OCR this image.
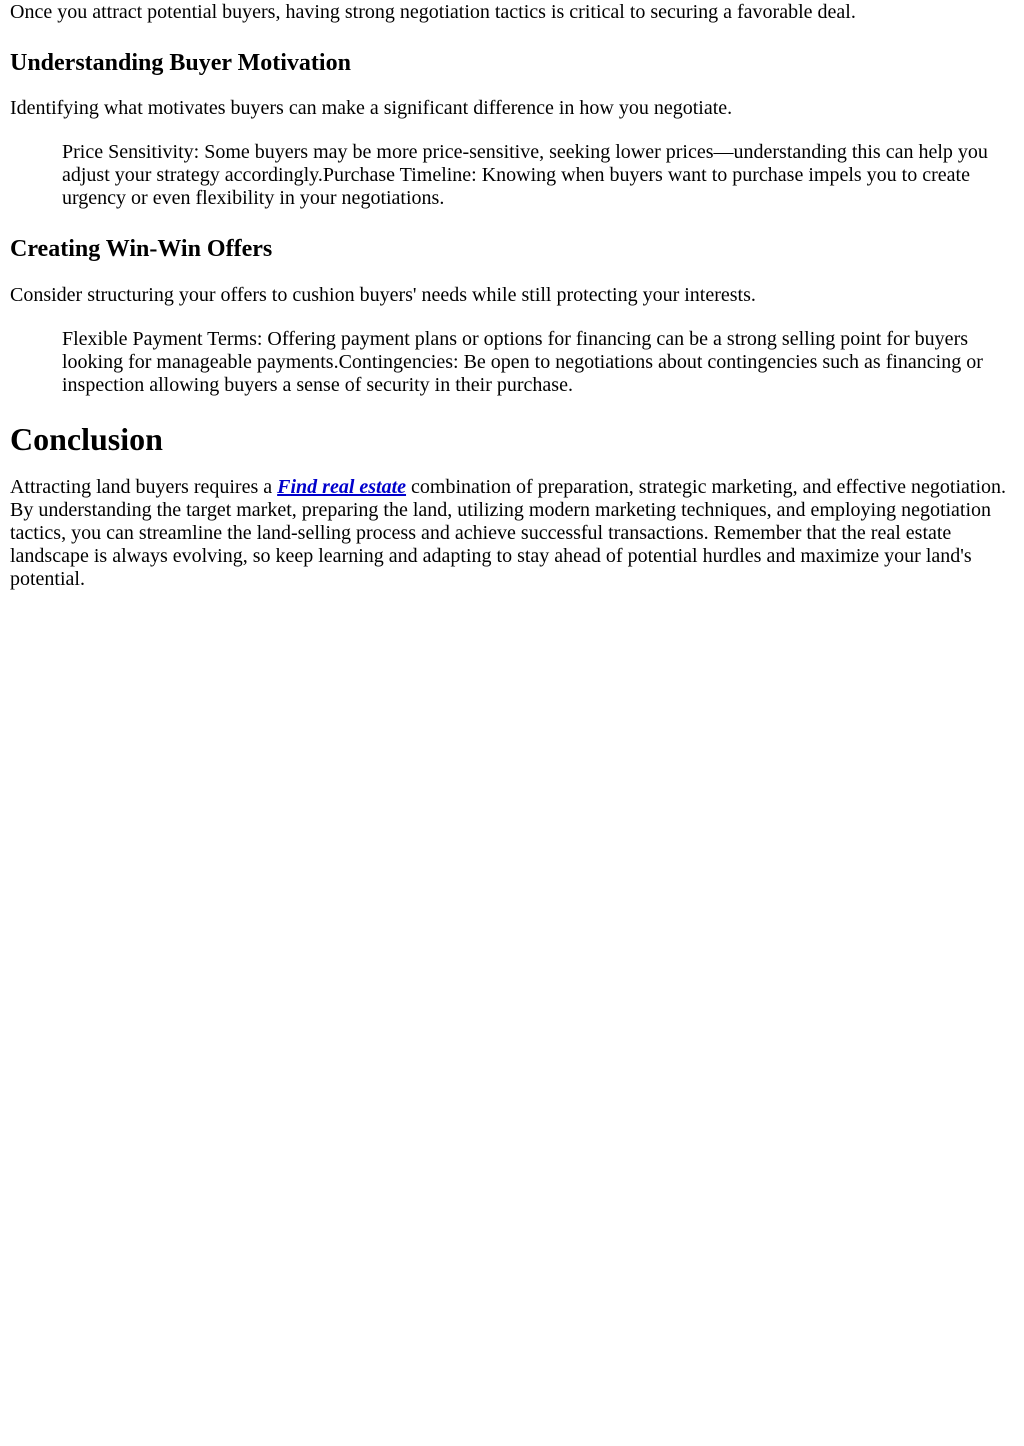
Once you attract potential buyers, having strong negotiation tactics is critical to securing a favorable deal.

Understanding Buyer Motivation

Identifying what motivates buyers can make a significant difference in how you negotiate.

Price Sensitivity: Some buyers may be more price-sensitive, seeking lower prices—understanding this can help you adjust your strategy accordingly.Purchase Timeline: Knowing when buyers want to purchase impels you to create urgency or even flexibility in your negotiations.
Creating Win-Win Offers

Consider structuring your offers to cushion buyers' needs while still protecting your interests.

Flexible Payment Terms: Offering payment plans or options for financing can be a strong selling point for buyers looking for manageable payments.Contingencies: Be open to negotiations about contingencies such as financing or inspection allowing buyers a sense of security in their purchase.
Conclusion

Attracting land buyers requires a Find real estate combination of preparation, strategic marketing, and effective negotiation. By understanding the target market, preparing the land, utilizing modern marketing techniques, and employing negotiation tactics, you can streamline the land-selling process and achieve successful transactions. Remember that the real estate landscape is always evolving, so keep learning and adapting to stay ahead of potential hurdles and maximize your land's potential.
